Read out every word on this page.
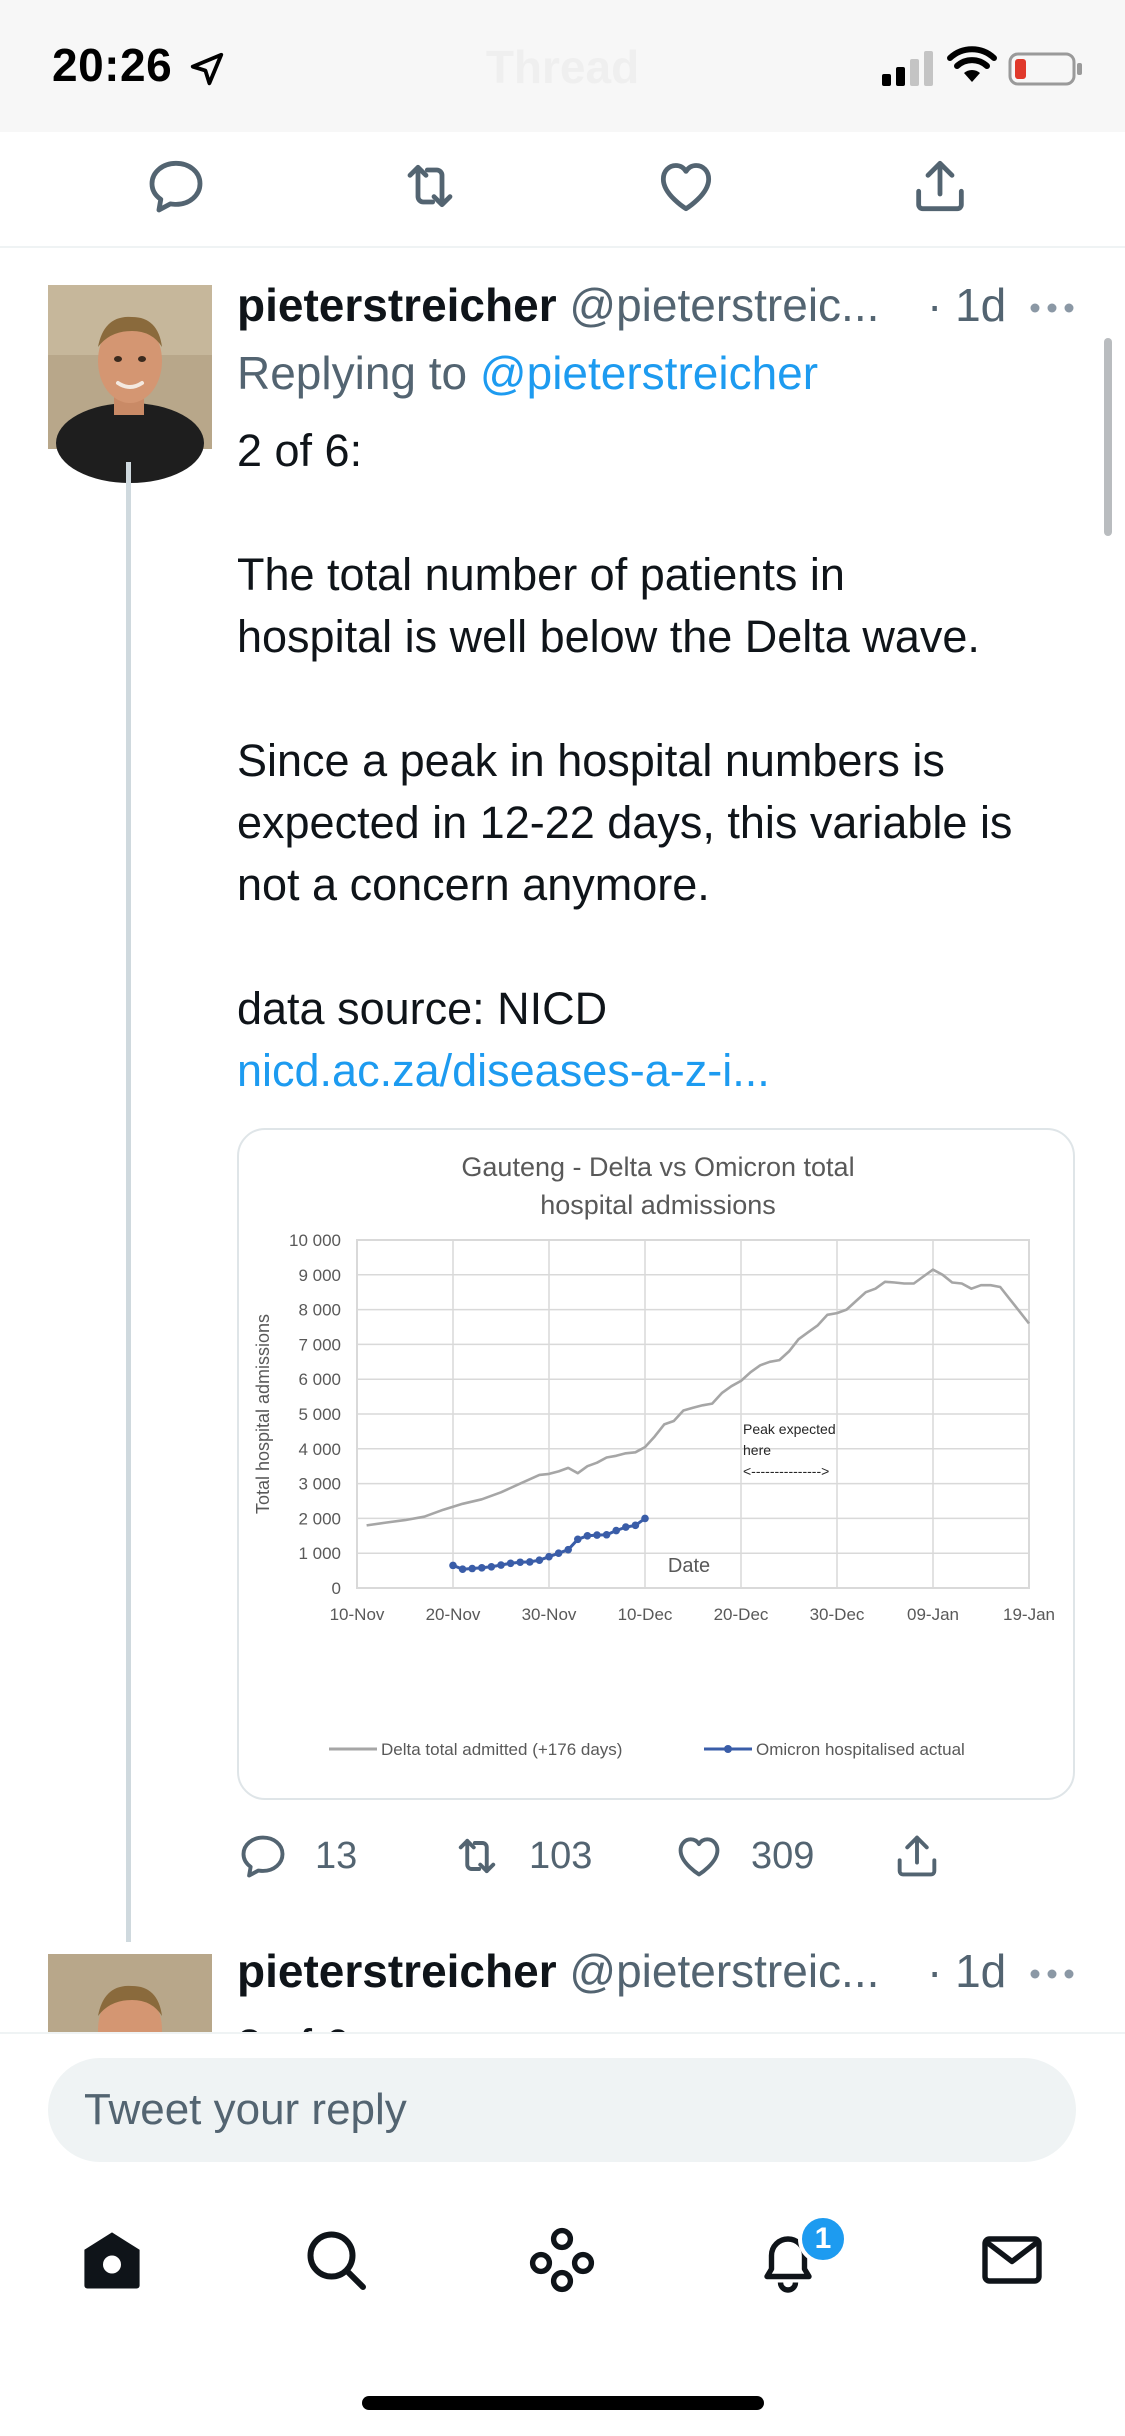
Thread
20:26
pieterstreicher @pieterstreic... · 1d
Replying to @pieterstreicher

2 of 6:

The total number of patients in

hospital is well below the Delta wave.

Since a peak in hospital numbers is

expected in 12-22 days, this variable is

not a concern anymore.

data source: NICD

nicd.ac.za/diseases-a-z-i...

Gauteng - Delta vs Omicron total
hospital admissions
0
1 000
2 000
3 000
4 000
5 000
6 000
7 000
8 000
9 000
10 000
10-Nov 20-Nov 30-Nov 10-Dec 20-Dec 30-Dec	09-Jan	19-Jan
Total hospital admissions
Date
Peak expected
here
<--------------->
Delta total admitted (+176 days)	Omicron hospitalised actual
13	103	309
pieterstreicher @pieterstreic... · 1d
Tweet your reply
1
